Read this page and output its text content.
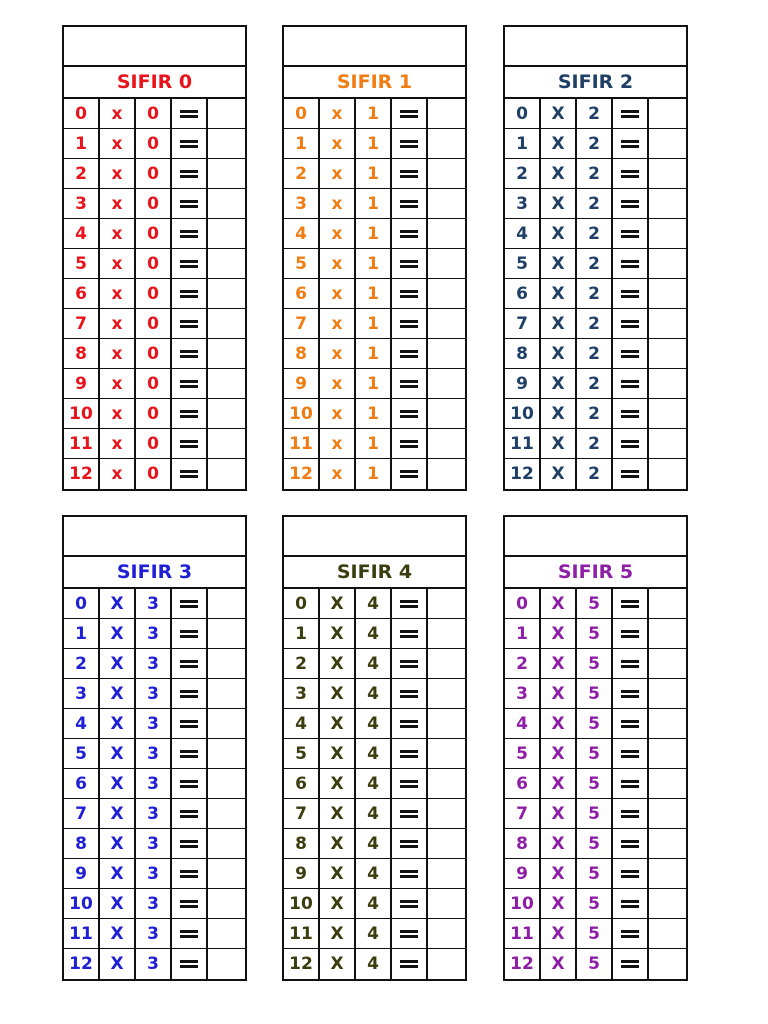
SIFIR 0
0	x	0
1	x	0
2	x	0
3	x	0
4	x	0
5	x	0
6	x	0
7	x	0
8	x	0
9	x	0
10	x	0
11	x	0
12	x	0
SIFIR 1
0	x	1
1	x	1
2	x	1
3	x	1
4	x	1
5	x	1
6	x	1
7	x	1
8	x	1
9	x	1
10	x	1
11	x	1
12	x	1
SIFIR 2
0	X	2
1	X	2
2	X	2
3	X	2
4	X	2
5	X	2
6	X	2
7	X	2
8	X	2
9	X	2
10	X	2
11	X	2
12	X	2
SIFIR 3
0	X	3
1	X	3
2	X	3
3	X	3
4	X	3
5	X	3
6	X	3
7	X	3
8	X	3
9	X	3
10	X	3
11	X	3
12	X	3
SIFIR 4
0	X	4
1	X	4
2	X	4
3	X	4
4	X	4
5	X	4
6	X	4
7	X	4
8	X	4
9	X	4
10	X	4
11	X	4
12	X	4
SIFIR 5
0	X	5
1	X	5
2	X	5
3	X	5
4	X	5
5	X	5
6	X	5
7	X	5
8	X	5
9	X	5
10	X	5
11	X	5
12	X	5
